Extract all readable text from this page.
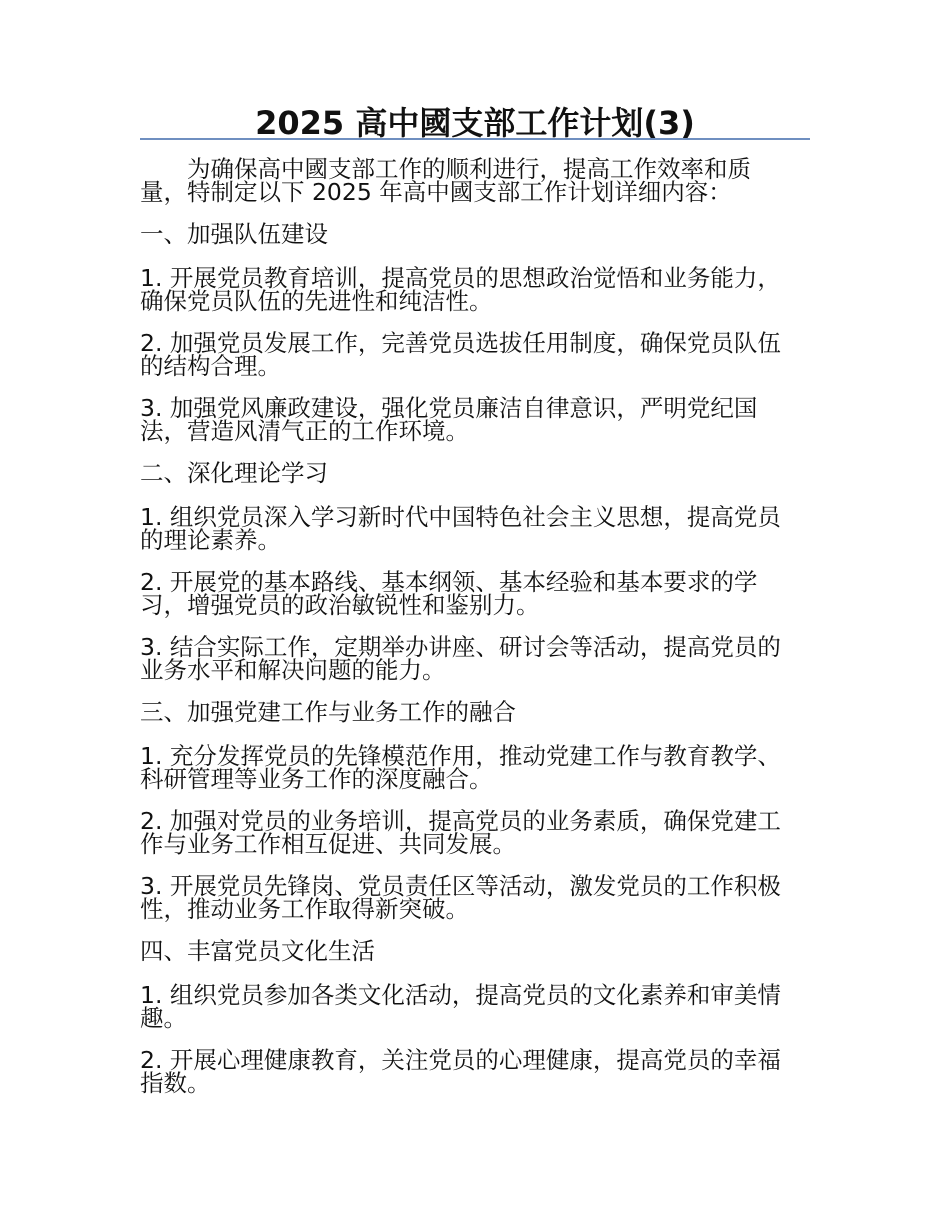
2025 高中國支部工作计划(3)

为确保高中國支部工作的顺利进行，提高工作效率和质量，特制定以下 2025 年高中國支部工作计划详细内容：

一、加强队伍建设

1. 开展党员教育培训，提高党员的思想政治觉悟和业务能力，确保党员队伍的先进性和纯洁性。

2. 加强党员发展工作，完善党员选拔任用制度，确保党员队伍的结构合理。

3. 加强党风廉政建设，强化党员廉洁自律意识，严明党纪国法，营造风清气正的工作环境。

二、深化理论学习

1. 组织党员深入学习新时代中国特色社会主义思想，提高党员的理论素养。

2. 开展党的基本路线、基本纲领、基本经验和基本要求的学习，增强党员的政治敏锐性和鉴别力。

3. 结合实际工作，定期举办讲座、研讨会等活动，提高党员的业务水平和解决问题的能力。

三、加强党建工作与业务工作的融合

1. 充分发挥党员的先锋模范作用，推动党建工作与教育教学、科研管理等业务工作的深度融合。

2. 加强对党员的业务培训，提高党员的业务素质，确保党建工作与业务工作相互促进、共同发展。

3. 开展党员先锋岗、党员责任区等活动，激发党员的工作积极性，推动业务工作取得新突破。

四、丰富党员文化生活

1. 组织党员参加各类文化活动，提高党员的文化素养和审美情趣。

2. 开展心理健康教育，关注党员的心理健康，提高党员的幸福指数。
